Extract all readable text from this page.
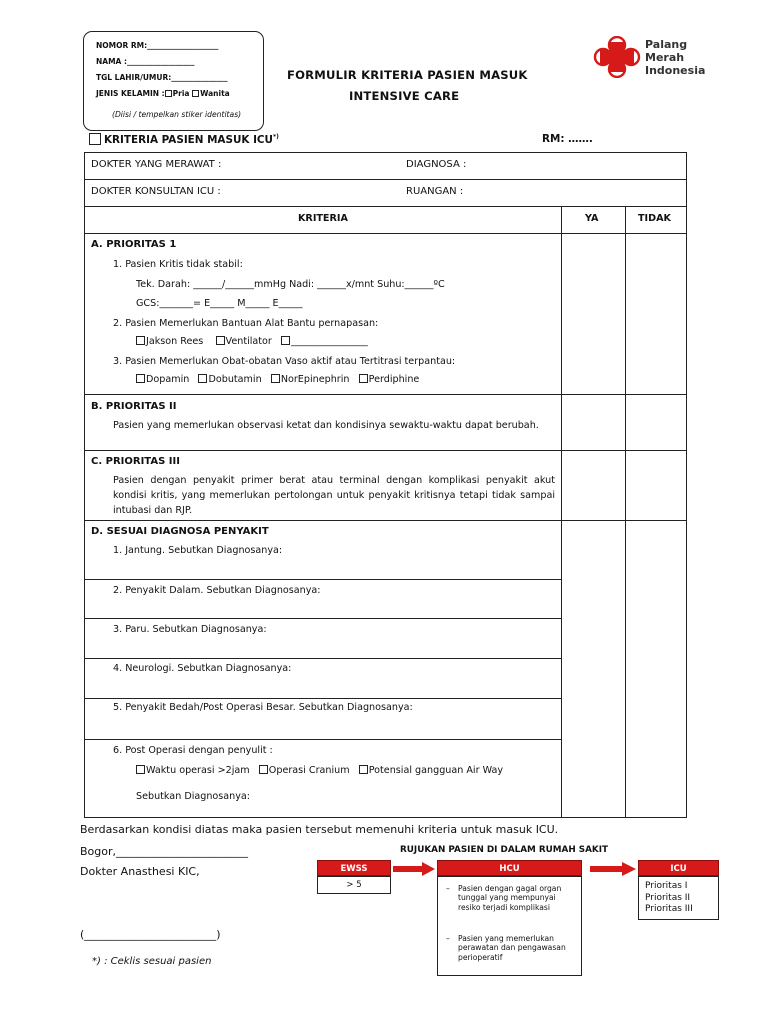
NOMOR RM:___________________
NAMA :__________________
TGL LAHIR/UMUR:_______________
JENIS KELAMIN : Pria Wanita
(Diisi / tempelkan stiker identitas)
FORMULIR KRITERIA PASIEN MASUK
INTENSIVE CARE
Palang
Merah
Indonesia
KRITERIA PASIEN MASUK ICU*)	RM: …….
DOKTER YANG MERAWAT :	DIAGNOSA :
DOKTER KONSULTAN ICU :	RUANGAN :
KRITERIA	YA	TIDAK
A. PRIORITAS 1
1. Pasien Kritis tidak stabil:
Tek. Darah: ______/______mmHg Nadi: ______x/mnt Suhu:______ºC
GCS:_______= E_____ M_____ E_____
2. Pasien Memerlukan Bantuan Alat Bantu pernapasan:
Jakson Rees Ventilator ________________
3. Pasien Memerlukan Obat-obatan Vaso aktif atau Tertitrasi terpantau:
Dopamin Dobutamin NorEpinephrin Perdiphine
B. PRIORITAS II
Pasien yang memerlukan observasi ketat dan kondisinya sewaktu-waktu dapat berubah.
C. PRIORITAS III
Pasien dengan penyakit primer berat atau terminal dengan komplikasi penyakit akut kondisi kritis, yang memerlukan pertolongan untuk penyakit kritisnya tetapi tidak sampai intubasi dan RJP.
D. SESUAI DIAGNOSA PENYAKIT
1. Jantung. Sebutkan Diagnosanya:
2. Penyakit Dalam. Sebutkan Diagnosanya:
3. Paru. Sebutkan Diagnosanya:
4. Neurologi. Sebutkan Diagnosanya:
5. Penyakit Bedah/Post Operasi Besar. Sebutkan Diagnosanya:
6. Post Operasi dengan penyulit :
Waktu operasi >2jam Operasi Cranium Potensial gangguan Air Way
Sebutkan Diagnosanya:
Berdasarkan kondisi diatas maka pasien tersebut memenuhi kriteria untuk masuk ICU.
Bogor,________________________
Dokter Anasthesi KIC,
(________________________)
*) : Ceklis sesuai pasien
RUJUKAN PASIEN DI DALAM RUMAH SAKIT
EWSS
> 5
HCU
–	Pasien dengan gagal organ tunggal yang mempunyai resiko terjadi komplikasi
–	Pasien yang memerlukan perawatan dan pengawasan perioperatif
ICU
Prioritas I
Prioritas II
Prioritas III
